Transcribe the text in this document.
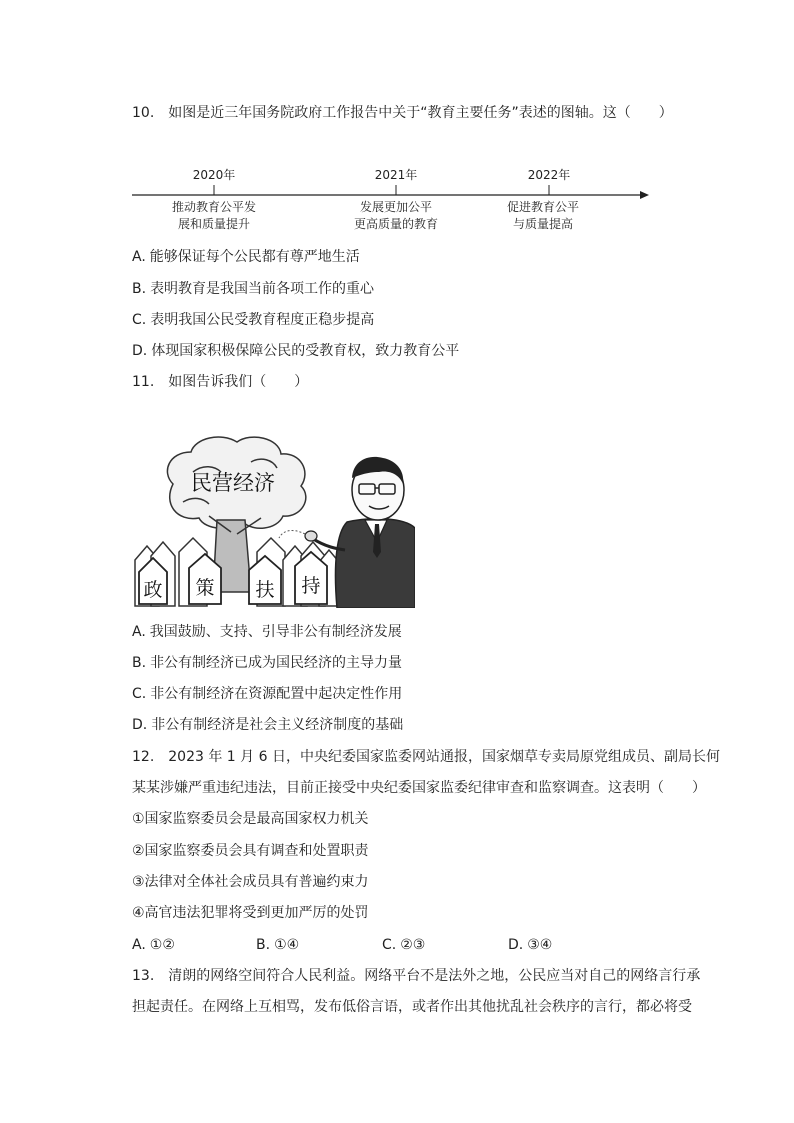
10. 如图是近三年国务院政府工作报告中关于“教育主要任务”表述的图轴。这（　　）
2020年	2021年	2022年
推动教育公平发
展和质量提升
发展更加公平
更高质量的教育
促进教育公平
与质量提高
A. 能够保证每个公民都有尊严地生活
B. 表明教育是我国当前各项工作的重心
C. 表明我国公民受教育程度正稳步提高
D. 体现国家积极保障公民的受教育权，致力教育公平
11. 如图告诉我们（　　）
民营经济
政 策 扶 持
A. 我国鼓励、支持、引导非公有制经济发展
B. 非公有制经济已成为国民经济的主导力量
C. 非公有制经济在资源配置中起决定性作用
D. 非公有制经济是社会主义经济制度的基础
12. 2023 年 1 月 6 日，中央纪委国家监委网站通报，国家烟草专卖局原党组成员、副局长何
某某涉嫌严重违纪违法，目前正接受中央纪委国家监委纪律审查和监察调查。这表明（　　）
①国家监察委员会是最高国家权力机关
②国家监察委员会具有调查和处置职责
③法律对全体社会成员具有普遍约束力
④高官违法犯罪将受到更加严厉的处罚
A. ①②	B. ①④	C. ②③	D. ③④
13. 清朗的网络空间符合人民利益。网络平台不是法外之地，公民应当对自己的网络言行承
担起责任。在网络上互相骂，发布低俗言语，或者作出其他扰乱社会秩序的言行，都必将受
